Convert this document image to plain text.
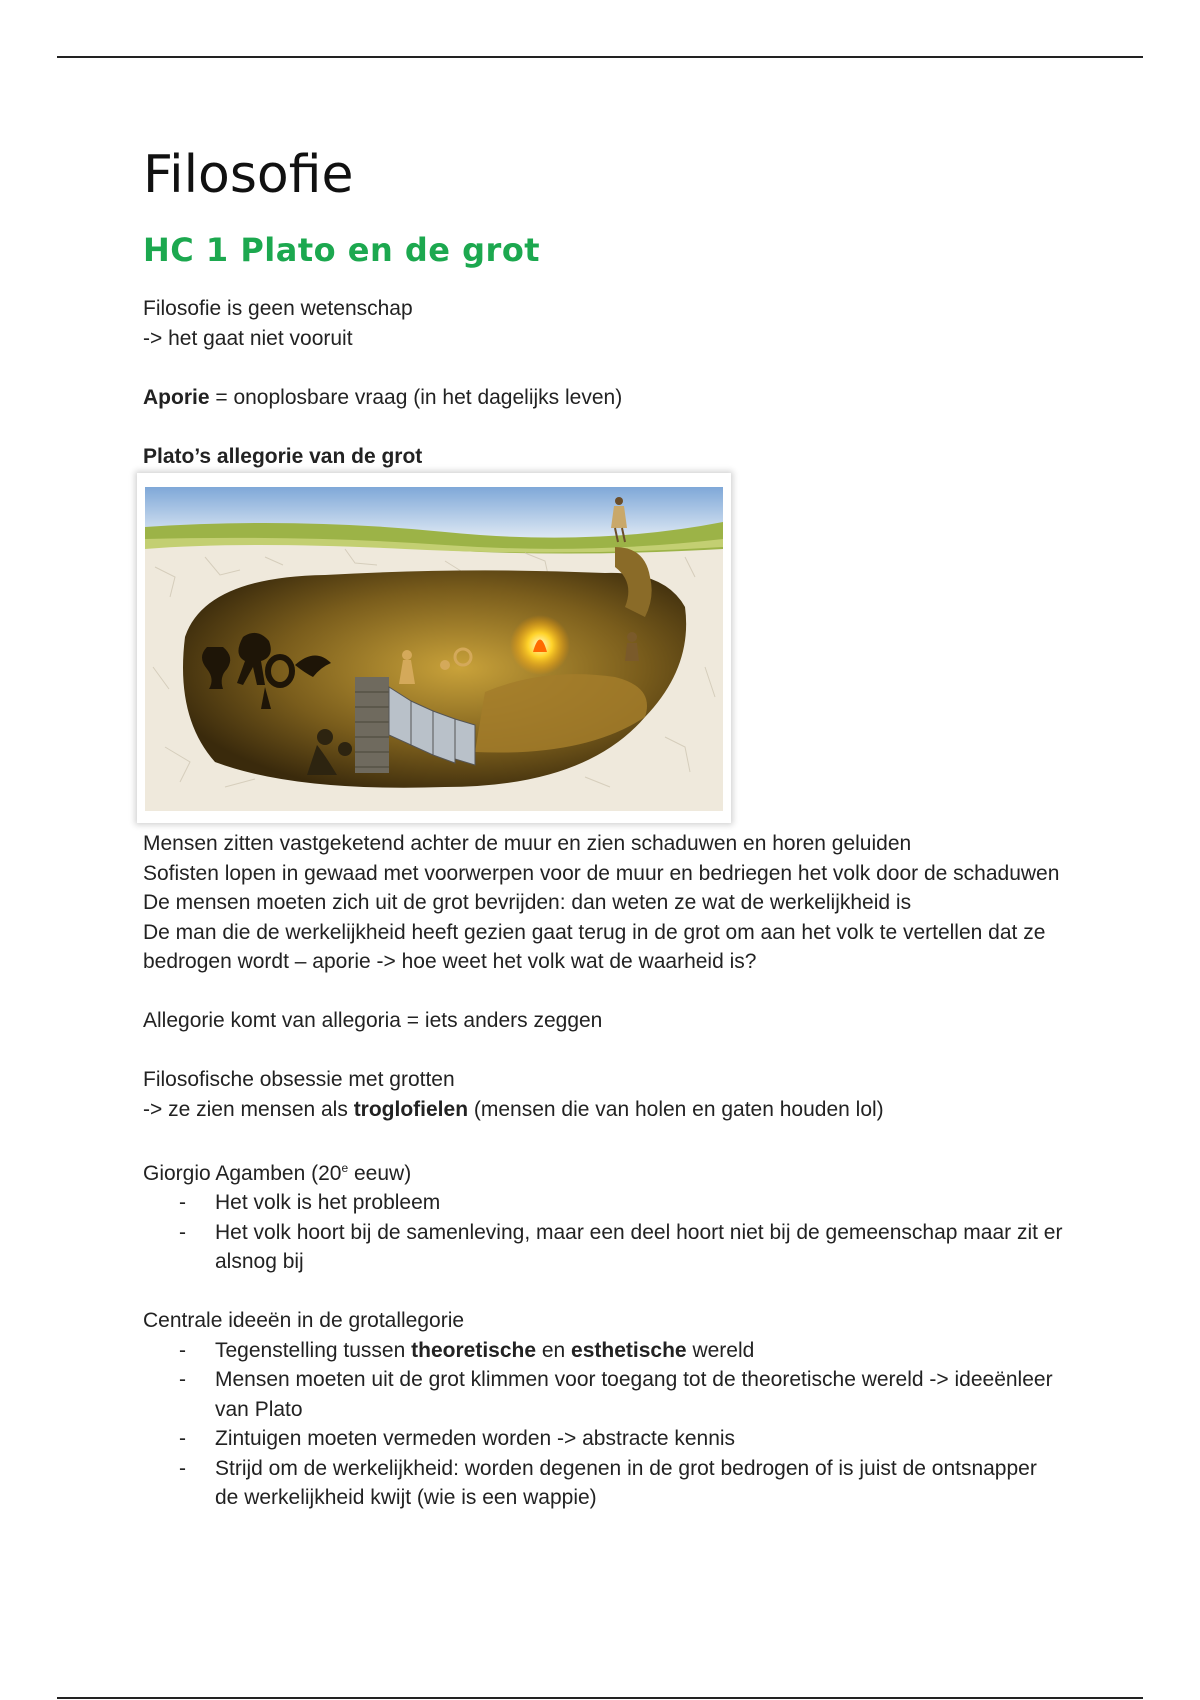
Filosofie
HC 1 Plato en de grot

Filosofie is geen wetenschap

-> het gaat niet vooruit

Aporie = onoplosbare vraag (in het dagelijks leven)

Plato’s allegorie van de grot

Mensen zitten vastgeketend achter de muur en zien schaduwen en horen geluiden

Sofisten lopen in gewaad met voorwerpen voor de muur en bedriegen het volk door de schaduwen

De mensen moeten zich uit de grot bevrijden: dan weten ze wat de werkelijkheid is

De man die de werkelijkheid heeft gezien gaat terug in de grot om aan het volk te vertellen dat ze bedrogen wordt – aporie -> hoe weet het volk wat de waarheid is?

Allegorie komt van allegoria = iets anders zeggen

Filosofische obsessie met grotten

-> ze zien mensen als troglofielen (mensen die van holen en gaten houden lol)

Giorgio Agamben (20e eeuw)

- Het volk is het probleem
- Het volk hoort bij de samenleving, maar een deel hoort niet bij de gemeenschap maar zit er alsnog bij

Centrale ideeën in de grotallegorie

- Tegenstelling tussen theoretische en esthetische wereld
- Mensen moeten uit de grot klimmen voor toegang tot de theoretische wereld -> ideeënleer van Plato
- Zintuigen moeten vermeden worden -> abstracte kennis
- Strijd om de werkelijkheid: worden degenen in de grot bedrogen of is juist de ontsnapper de werkelijkheid kwijt (wie is een wappie)
